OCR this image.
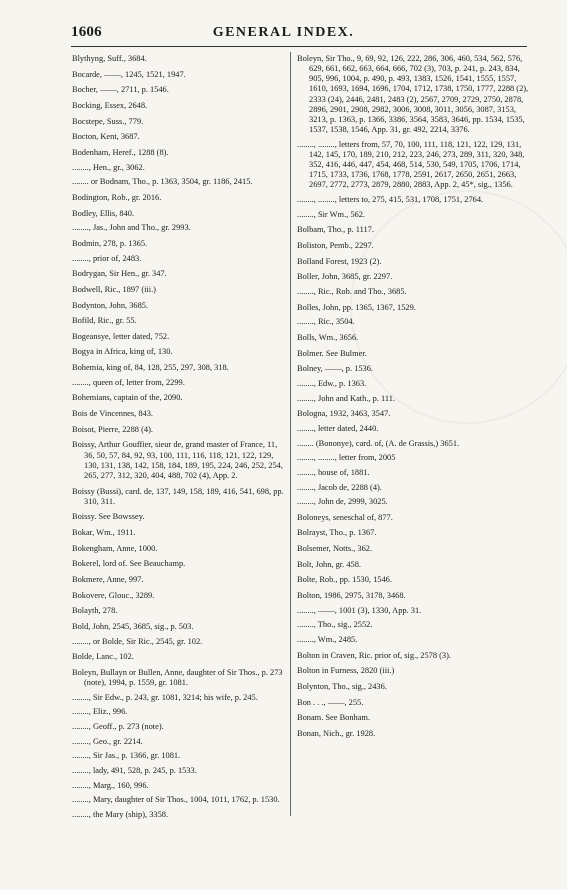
1606	GENERAL INDEX.
Blythyng, Suff., 3684.
Bocarde, ——, 1245, 1521, 1947.
Bocher, ——, 2711, p. 1546.
Bocking, Essex, 2648.
Bocstepe, Suss., 779.
Bocton, Kent, 3687.
Bodenham, Heref., 1288 (8).
........, Hen., gr., 3062.
........ or Bodnam, Tho., p. 1363, 3504, gr. 1186, 2415.
Bodington, Rob., gr. 2016.
Bodley, Ellis, 840.
........, Jas., John and Tho., gr. 2993.
Bodmin, 278, p. 1365.
........, prior of, 2483.
Bodrygan, Sir Hen., gr. 347.
Bodwell, Ric., 1897 (iii.)
Bodynton, John, 3685.
Bofild, Ric., gr. 55.
Bogeansye, letter dated, 752.
Bogya in Africa, king of, 130.
Bohemia, king of, 84, 128, 255, 297, 308, 318.
........, queen of, letter from, 2299.
Bohemians, captain of the, 2090.
Bois de Vincennes, 843.
Boisot, Pierre, 2288 (4).
Boissy, Arthur Gouffier, sieur de, grand master of France, 11, 36, 50, 57, 84, 92, 93, 100, 111, 116, 118, 121, 122, 129, 130, 131, 138, 142, 158, 184, 189, 195, 224, 246, 252, 254, 265, 277, 312, 320, 404, 488, 702 (4), App. 2.
Boissy (Bussi), card. de, 137, 149, 158, 189, 416, 541, 698, pp. 310, 311.
Boissy. See Bowssey.
Bokar, Wm., 1911.
Bokengham, Anne, 1000.
Bokerel, lord of. See Beauchamp.
Bokmere, Anne, 997.
Bokovere, Glouc., 3289.
Bolayth, 278.
Bold, John, 2545, 3685, sig., p. 503.
........, or Bolde, Sir Ric., 2545, gr. 102.
Bolde, Lanc., 102.
Boleyn, Bullayn or Bullen, Anne, daughter of Sir Thos., p. 273 (note), 1994, p. 1559, gr. 1081.
........, Sir Edw., p. 243, gr. 1081, 3214; his wife, p. 245.
........, Eliz., 996.
........, Geoff., p. 273 (note).
........, Geo., gr. 2214.
........, Sir Jas., p. 1366, gr. 1081.
........, lady, 491, 528, p. 245, p. 1533.
........, Marg., 160, 996.
........, Mary, daughter of Sir Thos., 1004, 1011, 1762, p. 1530.
........, the Mary (ship), 3358.
Boleyn, Sir Tho., 9, 69, 92, 126, 222, 286, 306, 460, 534, 562, 576, 629, 661, 662, 663, 664, 666, 702 (3), 703, p. 241, p. 243, 834, 905, 996, 1004, p. 490, p. 493, 1383, 1526, 1541, 1555, 1557, 1610, 1693, 1694, 1696, 1704, 1712, 1738, 1750, 1777, 2288 (2), 2333 (24), 2446, 2481, 2483 (2), 2567, 2709, 2729, 2750, 2878, 2896, 2901, 2908, 2982, 3006, 3008, 3011, 3056, 3087, 3153, 3213, p. 1363, p. 1366, 3386, 3564, 3583, 3646, pp. 1534, 1535, 1537, 1538, 1546, App. 31, gr. 492, 2214, 3376.
........, ........, letters from, 57, 70, 100, 111, 118, 121, 122, 129, 131, 142, 145, 170, 189, 210, 212, 223, 246, 273, 289, 311, 320, 348, 352, 416, 446, 447, 454, 468, 514, 530, 549, 1705, 1706, 1714, 1715, 1733, 1736, 1768, 1778, 2591, 2617, 2650, 2651, 2663, 2697, 2772, 2773, 2879, 2880, 2883, App. 2, 45*, sig., 1356.
........, ........, letters to, 275, 415, 531, 1708, 1751, 2764.
........, Sir Wm., 562.
Bolbam, Tho., p. 1117.
Boliston, Pemb., 2297.
Bolland Forest, 1923 (2).
Boller, John, 3685, gr. 2297.
........, Ric., Rob. and Tho., 3685.
Bolles, John, pp. 1365, 1367, 1529.
........, Ric., 3504.
Bolls, Wm., 3656.
Bolmer. See Bulmer.
Bolney, ——, p. 1536.
........, Edw., p. 1363.
........, John and Kath., p. 111.
Bologna, 1932, 3463, 3547.
........, letter dated, 2440.
........ (Bononye), card. of, (A. de Grassis,) 3651.
........, ........, letter from, 2005
........, house of, 1881.
........, Jacob de, 2288 (4).
........, John de, 2999, 3025.
Boloneys, seneschal of, 877.
Bolrayst, Tho., p. 1367.
Bolsemer, Notts., 362.
Bolt, John, gr. 458.
Bolte, Rob., pp. 1530, 1546.
Bolton, 1986, 2975, 3178, 3468.
........, ——, 1001 (3), 1330, App. 31.
........, Tho., sig., 2552.
........, Wm., 2485.
Bolton in Craven, Ric. prior of, sig., 2578 (3).
Bolton in Furness, 2820 (iii.)
Bolynton, Tho., sig., 2436.
Bon . . ., ——, 255.
Bonam. See Bonham.
Bonan, Nich., gr. 1928.
